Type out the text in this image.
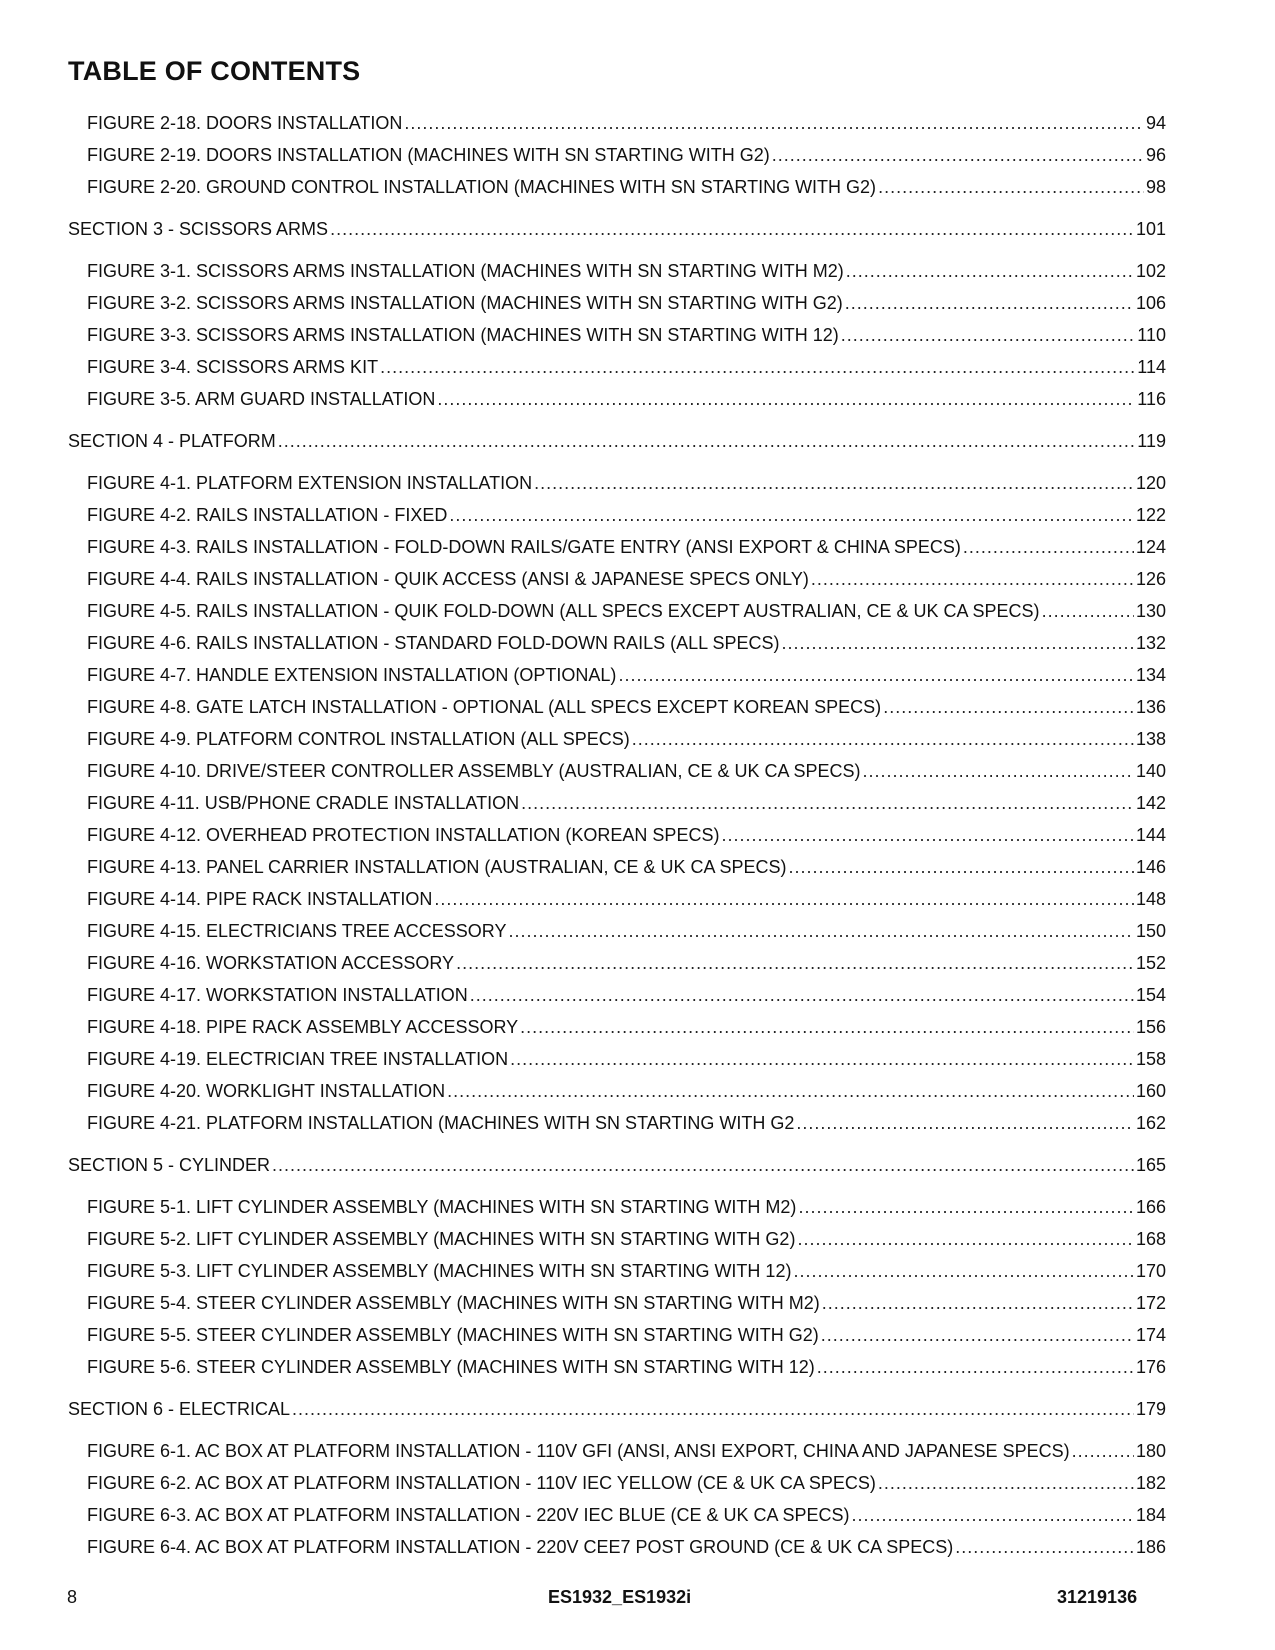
TABLE OF CONTENTS
FIGURE 2-18. DOORS INSTALLATION .....	94
FIGURE 2-19. DOORS INSTALLATION (MACHINES WITH SN STARTING WITH G2) .....	96
FIGURE 2-20. GROUND CONTROL INSTALLATION (MACHINES WITH SN STARTING WITH G2) .....	98
SECTION 3 - SCISSORS ARMS .....	101
FIGURE 3-1. SCISSORS ARMS INSTALLATION (MACHINES WITH SN STARTING WITH M2) .....	102
FIGURE 3-2. SCISSORS ARMS INSTALLATION (MACHINES WITH SN STARTING WITH G2) .....	106
FIGURE 3-3. SCISSORS ARMS INSTALLATION (MACHINES WITH SN STARTING WITH 12) .....	110
FIGURE 3-4. SCISSORS ARMS KIT .....	114
FIGURE 3-5. ARM GUARD INSTALLATION .....	116
SECTION 4 - PLATFORM .....	119
FIGURE 4-1. PLATFORM EXTENSION INSTALLATION .....	120
FIGURE 4-2. RAILS INSTALLATION - FIXED .....	122
FIGURE 4-3. RAILS INSTALLATION - FOLD-DOWN RAILS/GATE ENTRY (ANSI EXPORT & CHINA SPECS) .....	124
FIGURE 4-4. RAILS INSTALLATION - QUIK ACCESS (ANSI & JAPANESE SPECS ONLY) .....	126
FIGURE 4-5. RAILS INSTALLATION - QUIK FOLD-DOWN (ALL SPECS EXCEPT AUSTRALIAN, CE & UK CA SPECS) .....	130
FIGURE 4-6. RAILS INSTALLATION - STANDARD FOLD-DOWN RAILS (ALL SPECS) .....	132
FIGURE 4-7. HANDLE EXTENSION INSTALLATION (OPTIONAL) .....	134
FIGURE 4-8. GATE LATCH INSTALLATION - OPTIONAL (ALL SPECS EXCEPT KOREAN SPECS) .....	136
FIGURE 4-9. PLATFORM CONTROL INSTALLATION (ALL SPECS) .....	138
FIGURE 4-10. DRIVE/STEER CONTROLLER ASSEMBLY (AUSTRALIAN, CE & UK CA SPECS) .....	140
FIGURE 4-11. USB/PHONE CRADLE INSTALLATION .....	142
FIGURE 4-12. OVERHEAD PROTECTION INSTALLATION (KOREAN SPECS) .....	144
FIGURE 4-13. PANEL CARRIER INSTALLATION (AUSTRALIAN, CE & UK CA SPECS) .....	146
FIGURE 4-14. PIPE RACK INSTALLATION .....	148
FIGURE 4-15. ELECTRICIANS TREE ACCESSORY .....	150
FIGURE 4-16. WORKSTATION ACCESSORY .....	152
FIGURE 4-17. WORKSTATION INSTALLATION .....	154
FIGURE 4-18. PIPE RACK ASSEMBLY ACCESSORY .....	156
FIGURE 4-19. ELECTRICIAN TREE INSTALLATION .....	158
FIGURE 4-20. WORKLIGHT INSTALLATION .....	160
FIGURE 4-21. PLATFORM INSTALLATION (MACHINES WITH SN STARTING WITH G2 .....	162
SECTION 5 - CYLINDER .....	165
FIGURE 5-1. LIFT CYLINDER ASSEMBLY (MACHINES WITH SN STARTING WITH M2) .....	166
FIGURE 5-2. LIFT CYLINDER ASSEMBLY (MACHINES WITH SN STARTING WITH G2) .....	168
FIGURE 5-3. LIFT CYLINDER ASSEMBLY (MACHINES WITH SN STARTING WITH 12) .....	170
FIGURE 5-4. STEER CYLINDER ASSEMBLY (MACHINES WITH SN STARTING WITH M2) .....	172
FIGURE 5-5. STEER CYLINDER ASSEMBLY (MACHINES WITH SN STARTING WITH G2) .....	174
FIGURE 5-6. STEER CYLINDER ASSEMBLY (MACHINES WITH SN STARTING WITH 12) .....	176
SECTION 6 - ELECTRICAL .....	179
FIGURE 6-1. AC BOX AT PLATFORM INSTALLATION - 110V GFI (ANSI, ANSI EXPORT, CHINA AND JAPANESE SPECS) .....	180
FIGURE 6-2. AC BOX AT PLATFORM INSTALLATION - 110V IEC YELLOW (CE & UK CA SPECS) .....	182
FIGURE 6-3. AC BOX AT PLATFORM INSTALLATION - 220V IEC BLUE (CE & UK CA SPECS) .....	184
FIGURE 6-4. AC BOX AT PLATFORM INSTALLATION - 220V CEE7 POST GROUND (CE & UK CA SPECS) .....	186
8	ES1932_ES1932i	31219136
